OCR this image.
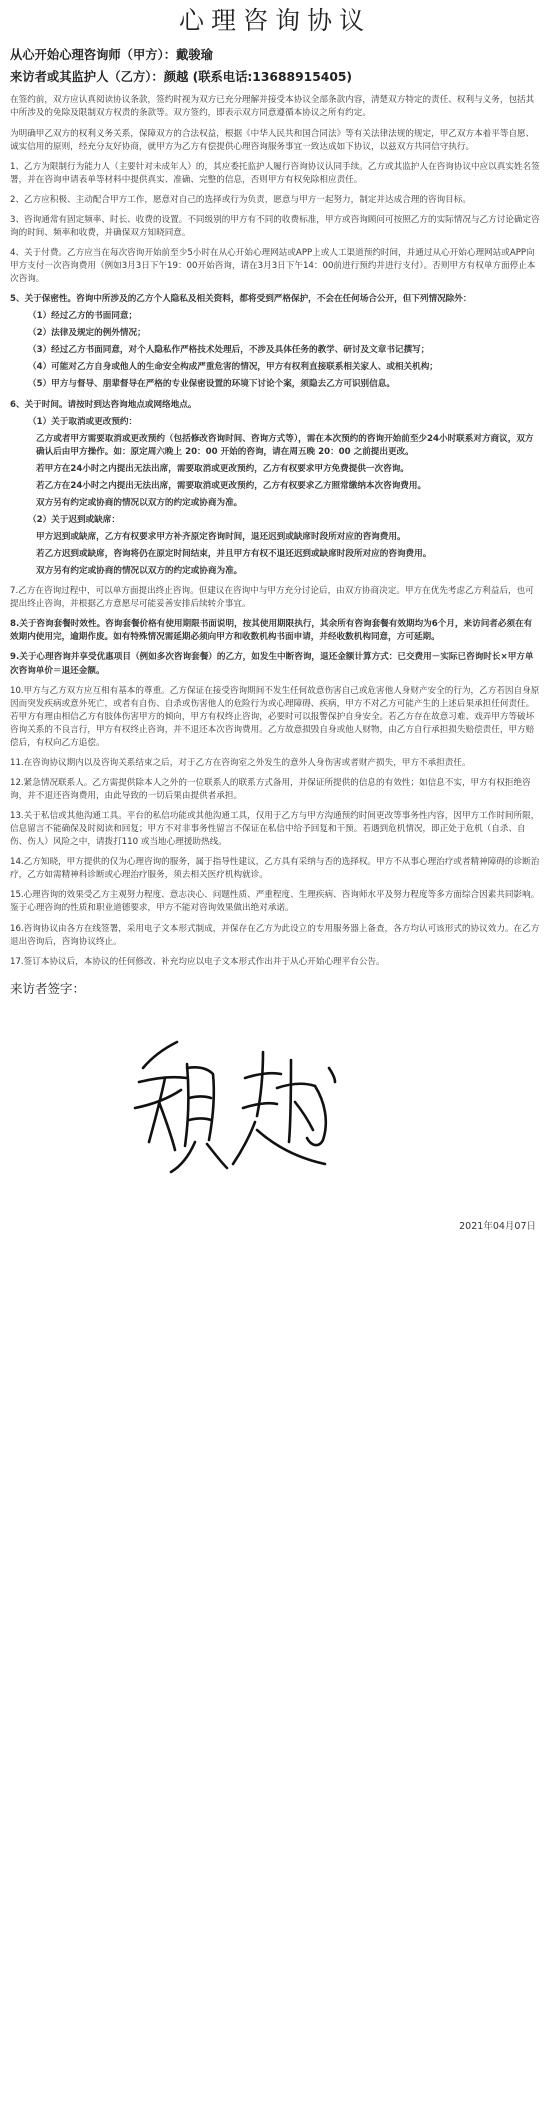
心理咨询协议
从心开始心理咨询师（甲方）：戴骏瑜
来访者或其监护人（乙方）：颜越 (联系电话:13688915405)

在签约前，双方应认真阅读协议条款，签约时视为双方已充分理解并接受本协议全部条款内容，清楚双方特定的责任、权利与义务，包括其中所涉及的免除及限制双方权责的条款等。双方签约，即表示双方同意遵循本协议之所有约定。

为明确甲乙双方的权利义务关系，保障双方的合法权益，根据《中华人民共和国合同法》等有关法律法规的规定，甲乙双方本着平等自愿、诚实信用的原则，经充分友好协商，就甲方为乙方有偿提供心理咨询服务事宜一致达成如下协议，以兹双方共同信守执行。

1、乙方为限制行为能力人（主要针对未成年人）的，其应委托监护人履行咨询协议认同手续。乙方或其监护人在咨询协议中应以真实姓名签署，并在咨询申请表单等材料中提供真实、准确、完整的信息，否则甲方有权免除相应责任。

2、乙方应积极、主动配合甲方工作，愿意对自己的选择或行为负责，愿意与甲方一起努力，制定并达成合理的咨询目标。

3、咨询通常有固定频率、时长、收费的设置。不同级别的甲方有不同的收费标准，甲方或咨询顾问可按照乙方的实际情况与乙方讨论确定咨询的时间、频率和收费，并确保双方知晓同意。

4、关于付费。乙方应当在每次咨询开始前至少5小时在从心开始心理网站或APP上或人工渠道预约时间，并通过从心开始心理网站或APP向甲方支付一次咨询费用（例如3月3日下午19：00开始咨询，请在3月3日下午14：00前进行预约并进行支付）。否则甲方有权单方面停止本次咨询。

5、关于保密性。咨询中所涉及的乙方个人隐私及相关资料，都将受到严格保护，不会在任何场合公开，但下列情况除外：

（1）经过乙方的书面同意；

（2）法律及规定的例外情况；

（3）经过乙方书面同意，对个人隐私作严格技术处理后，不涉及具体任务的教学、研讨及文章书记撰写；

（4）可能对乙方自身或他人的生命安全构成严重危害的情况，甲方有权利直接联系相关家人、或相关机构；

（5）甲方与督导、朋辈督导在严格的专业保密设置的环境下讨论个案，须隐去乙方可识别信息。

6、关于时间。请按时到达咨询地点或网络地点。

（1）关于取消或更改预约：

乙方或者甲方需要取消或更改预约（包括修改咨询时间、咨询方式等），需在本次预约的咨询开始前至少24小时联系对方商议，双方确认后由甲方操作。如：原定周六晚上 20：00 开始的咨询，请在周五晚 20：00 之前提出更改。

若甲方在24小时之内提出无法出席，需要取消或更改预约，乙方有权要求甲方免费提供一次咨询。

若乙方在24小时之内提出无法出席，需要取消或更改预约，乙方有权要求乙方照常缴纳本次咨询费用。

双方另有约定或协商的情况以双方的约定或协商为准。

（2）关于迟到或缺席：

甲方迟到或缺席，乙方有权要求甲方补齐原定咨询时间，退还迟到或缺席时段所对应的咨询费用。

若乙方迟到或缺席，咨询将仍在原定时间结束，并且甲方有权不退还迟到或缺席时段所对应的咨询费用。

双方另有约定或协商的情况以双方的约定或协商为准。

7.乙方在咨询过程中，可以单方面提出终止咨询。但建议在咨询中与甲方充分讨论后，由双方协商决定。甲方在优先考虑乙方利益后，也可提出终止咨询，并根据乙方意愿尽可能妥善安排后续转介事宜。

8.关于咨询套餐时效性。咨询套餐价格有使用期限书面说明，按其使用期限执行，其余所有咨询套餐有效期均为6个月，来访问者必须在有效期内使用完，逾期作废。如有特殊情况需延期必须向甲方和收数机构书面申请，并经收数机构同意，方可延期。

9.关于心理咨询并享受优惠项目（例如多次咨询套餐）的乙方，如发生中断咨询，退还金额计算方式：已交费用－实际已咨询时长×甲方单次咨询单价＝退还金额。

10.甲方与乙方双方应互相有基本的尊重。乙方保证在接受咨询期间不发生任何故意伤害自己或危害他人身财产安全的行为，乙方若因自身原因而突发疾病或意外死亡，或者有自伤、自杀或伤害他人的危险行为或心理障碍、疾病，甲方不对乙方可能产生的上述后果承担任何责任。若甲方有理由相信乙方有肢体伤害甲方的倾向，甲方有权终止咨询，必要时可以报警保护自身安全。若乙方存在故意习难、戏弄甲方等破坏咨询关系的不良言行，甲方有权终止咨询，并不退还本次咨询费用。乙方故意损毁自身或他人财物，由乙方自行承担损失赔偿责任，甲方赔偿后，有权向乙方追偿。

11.在咨询协议期内以及咨询关系结束之后，对于乙方在咨询室之外发生的意外人身伤害或者财产损失，甲方不承担责任。

12.紧急情况联系人。乙方需提供除本人之外的一位联系人的联系方式备用，并保证所提供的信息的有效性；如信息不实，甲方有权拒绝咨询，并不退还咨询费用，由此导致的一切后果由提供者承担。

13.关于私信或其他沟通工具。平台的私信功能或其他沟通工具，仅用于乙方与甲方沟通预约时间更改等事务性内容，因甲方工作时间所限，信息留言不能确保及时阅读和回复；甲方不对非事务性留言不保证在私信中给予回复和干预。若遇到危机情况，即正处于危机（自杀、自伤、伤人）风险之中，请拨打110 或当地心理援助热线。

14.乙方知晓，甲方提供的仅为心理咨询的服务，属于指导性建议，乙方具有采纳与否的选择权。甲方不从事心理治疗或者精神障碍的诊断治疗，乙方如需精神科诊断或心理治疗服务，须去相关医疗机构就诊。

15.心理咨询的效果受乙方主观努力程度、意志决心、问题性质、严重程度、生理疾病、咨询师水平及努力程度等多方面综合因素共同影响。鉴于心理咨询的性质和职业道德要求，甲方不能对咨询效果做出绝对承诺。

16.咨询协议由各方在线签署，采用电子文本形式制成，并保存在乙方为此设立的专用服务器上备查，各方均认可该形式的协议效力。在乙方退出咨询后，咨询协议终止。

17.签订本协议后，本协议的任何修改、补充均应以电子文本形式作出并于从心开始心理平台公告。

来访者签字：
2021年04月07日
